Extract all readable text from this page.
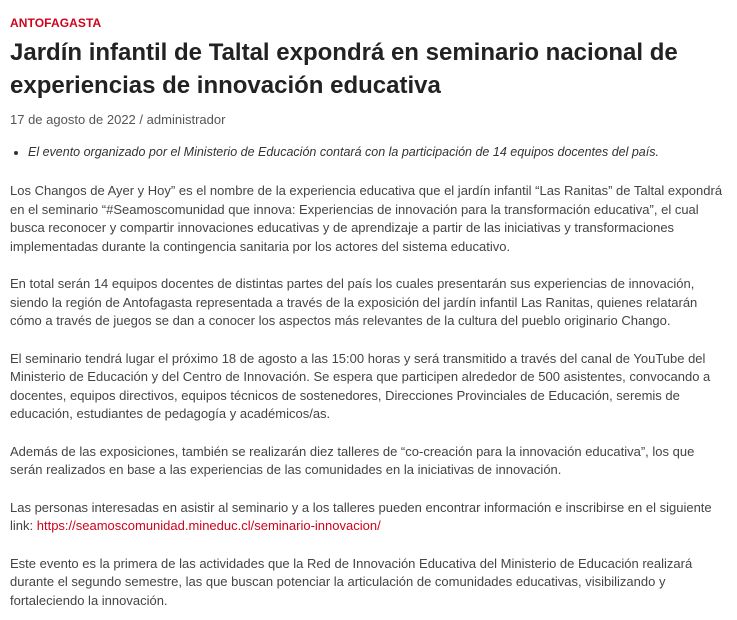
ANTOFAGASTA
Jardín infantil de Taltal expondrá en seminario nacional de experiencias de innovación educativa
17 de agosto de 2022 / administrador
• El evento organizado por el Ministerio de Educación contará con la participación de 14 equipos docentes del país.

Los Changos de Ayer y Hoy” es el nombre de la experiencia educativa que el jardín infantil “Las Ranitas” de Taltal expondrá en el seminario “#Seamoscomunidad que innova: Experiencias de innovación para la transformación educativa”, el cual busca reconocer y compartir innovaciones educativas y de aprendizaje a partir de las iniciativas y transformaciones implementadas durante la contingencia sanitaria por los actores del sistema educativo.

En total serán 14 equipos docentes de distintas partes del país los cuales presentarán sus experiencias de innovación, siendo la región de Antofagasta representada a través de la exposición del jardín infantil Las Ranitas, quienes relatarán cómo a través de juegos se dan a conocer los aspectos más relevantes de la cultura del pueblo originario Chango.

El seminario tendrá lugar el próximo 18 de agosto a las 15:00 horas y será transmitido a través del canal de YouTube del Ministerio de Educación y del Centro de Innovación. Se espera que participen alrededor de 500 asistentes, convocando a docentes, equipos directivos, equipos técnicos de sostenedores, Direcciones Provinciales de Educación, seremis de educación, estudiantes de pedagogía y académicos/as.

Además de las exposiciones, también se realizarán diez talleres de “co-creación para la innovación educativa”, los que serán realizados en base a las experiencias de las comunidades en la iniciativas de innovación.

Las personas interesadas en asistir al seminario y a los talleres pueden encontrar información e inscribirse en el siguiente link: https://seamoscomunidad.mineduc.cl/seminario-innovacion/

Este evento es la primera de las actividades que la Red de Innovación Educativa del Ministerio de Educación realizará durante el segundo semestre, las que buscan potenciar la articulación de comunidades educativas, visibilizando y fortaleciendo la innovación.
